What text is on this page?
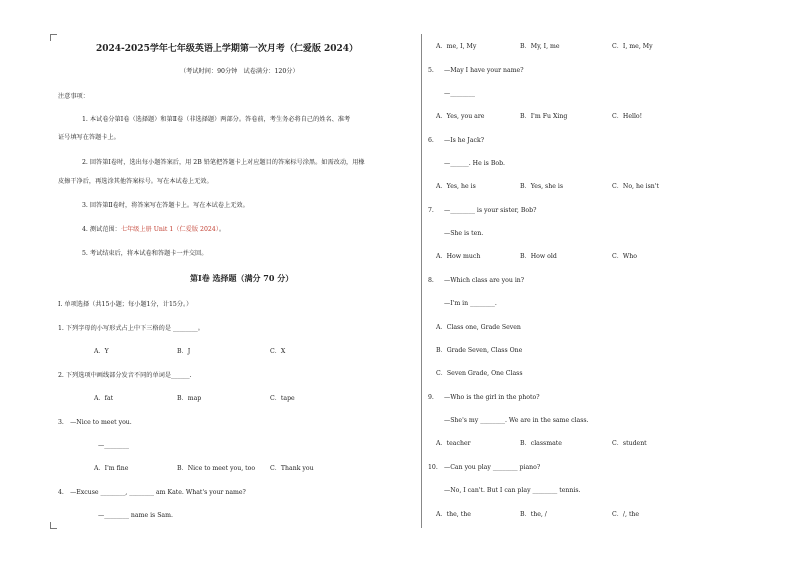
2024-2025学年七年级英语上学期第一次月考（仁爱版 2024）
（考试时间：90分钟　试卷满分：120分）
注意事项：
1. 本试卷分第Ⅰ卷（选择题）和第Ⅱ卷（非选择题）两部分。答卷前，考生务必将自己的姓名、准考
证号填写在答题卡上。
2. 回答第Ⅰ卷时，选出每小题答案后，用 2B 铅笔把答题卡上对应题目的答案标号涂黑。如需改动，用橡
皮擦干净后，再选涂其他答案标号。写在本试卷上无效。
3. 回答第Ⅱ卷时，将答案写在答题卡上。写在本试卷上无效。
4. 测试范围：七年级上册 Unit 1（仁爱版 2024）。
5. 考试结束后，将本试卷和答题卡一并交回。
第Ⅰ卷 选择题（满分 70 分）
I. 单项选择（共15小题；每小题1分，计15分。）
1. 下列字母的小写形式占上中下三格的是 ________。
A．Y	B．J	C．X
2. 下列选项中画线部分发音不同的单词是______.
A．fat	B．map	C．tape
3.　—Nice to meet you.
—________
A．I'm fine	B．Nice to meet you, too C．Thank you
4.　—Excuse ________, ________ am Kate. What's your name?
—________ name is Sam.
A．me, I, My	B．My, I, me	C．I, me, My
5. —May I have your name?
—________
A．Yes, you are	B．I'm Fu Xing	C．Hello!
6. —Is he Jack?
—______. He is Bob.
A．Yes, he is	B．Yes, she is	C．No, he isn't
7. —________ is your sister, Bob?
—She is ten.
A．How much	B．How old	C．Who
8. —Which class are you in?
—I'm in ________.
A．Class one, Grade Seven
B．Grade Seven, Class One
C．Seven Grade, One Class
9. —Who is the girl in the photo?
—She's my ________. We are in the same class.
A．teacher	B．classmate	C．student
10. —Can you play ________ piano?
—No, I can't. But I can play ________ tennis.
A．the, the	B．the, /	C．/, the
